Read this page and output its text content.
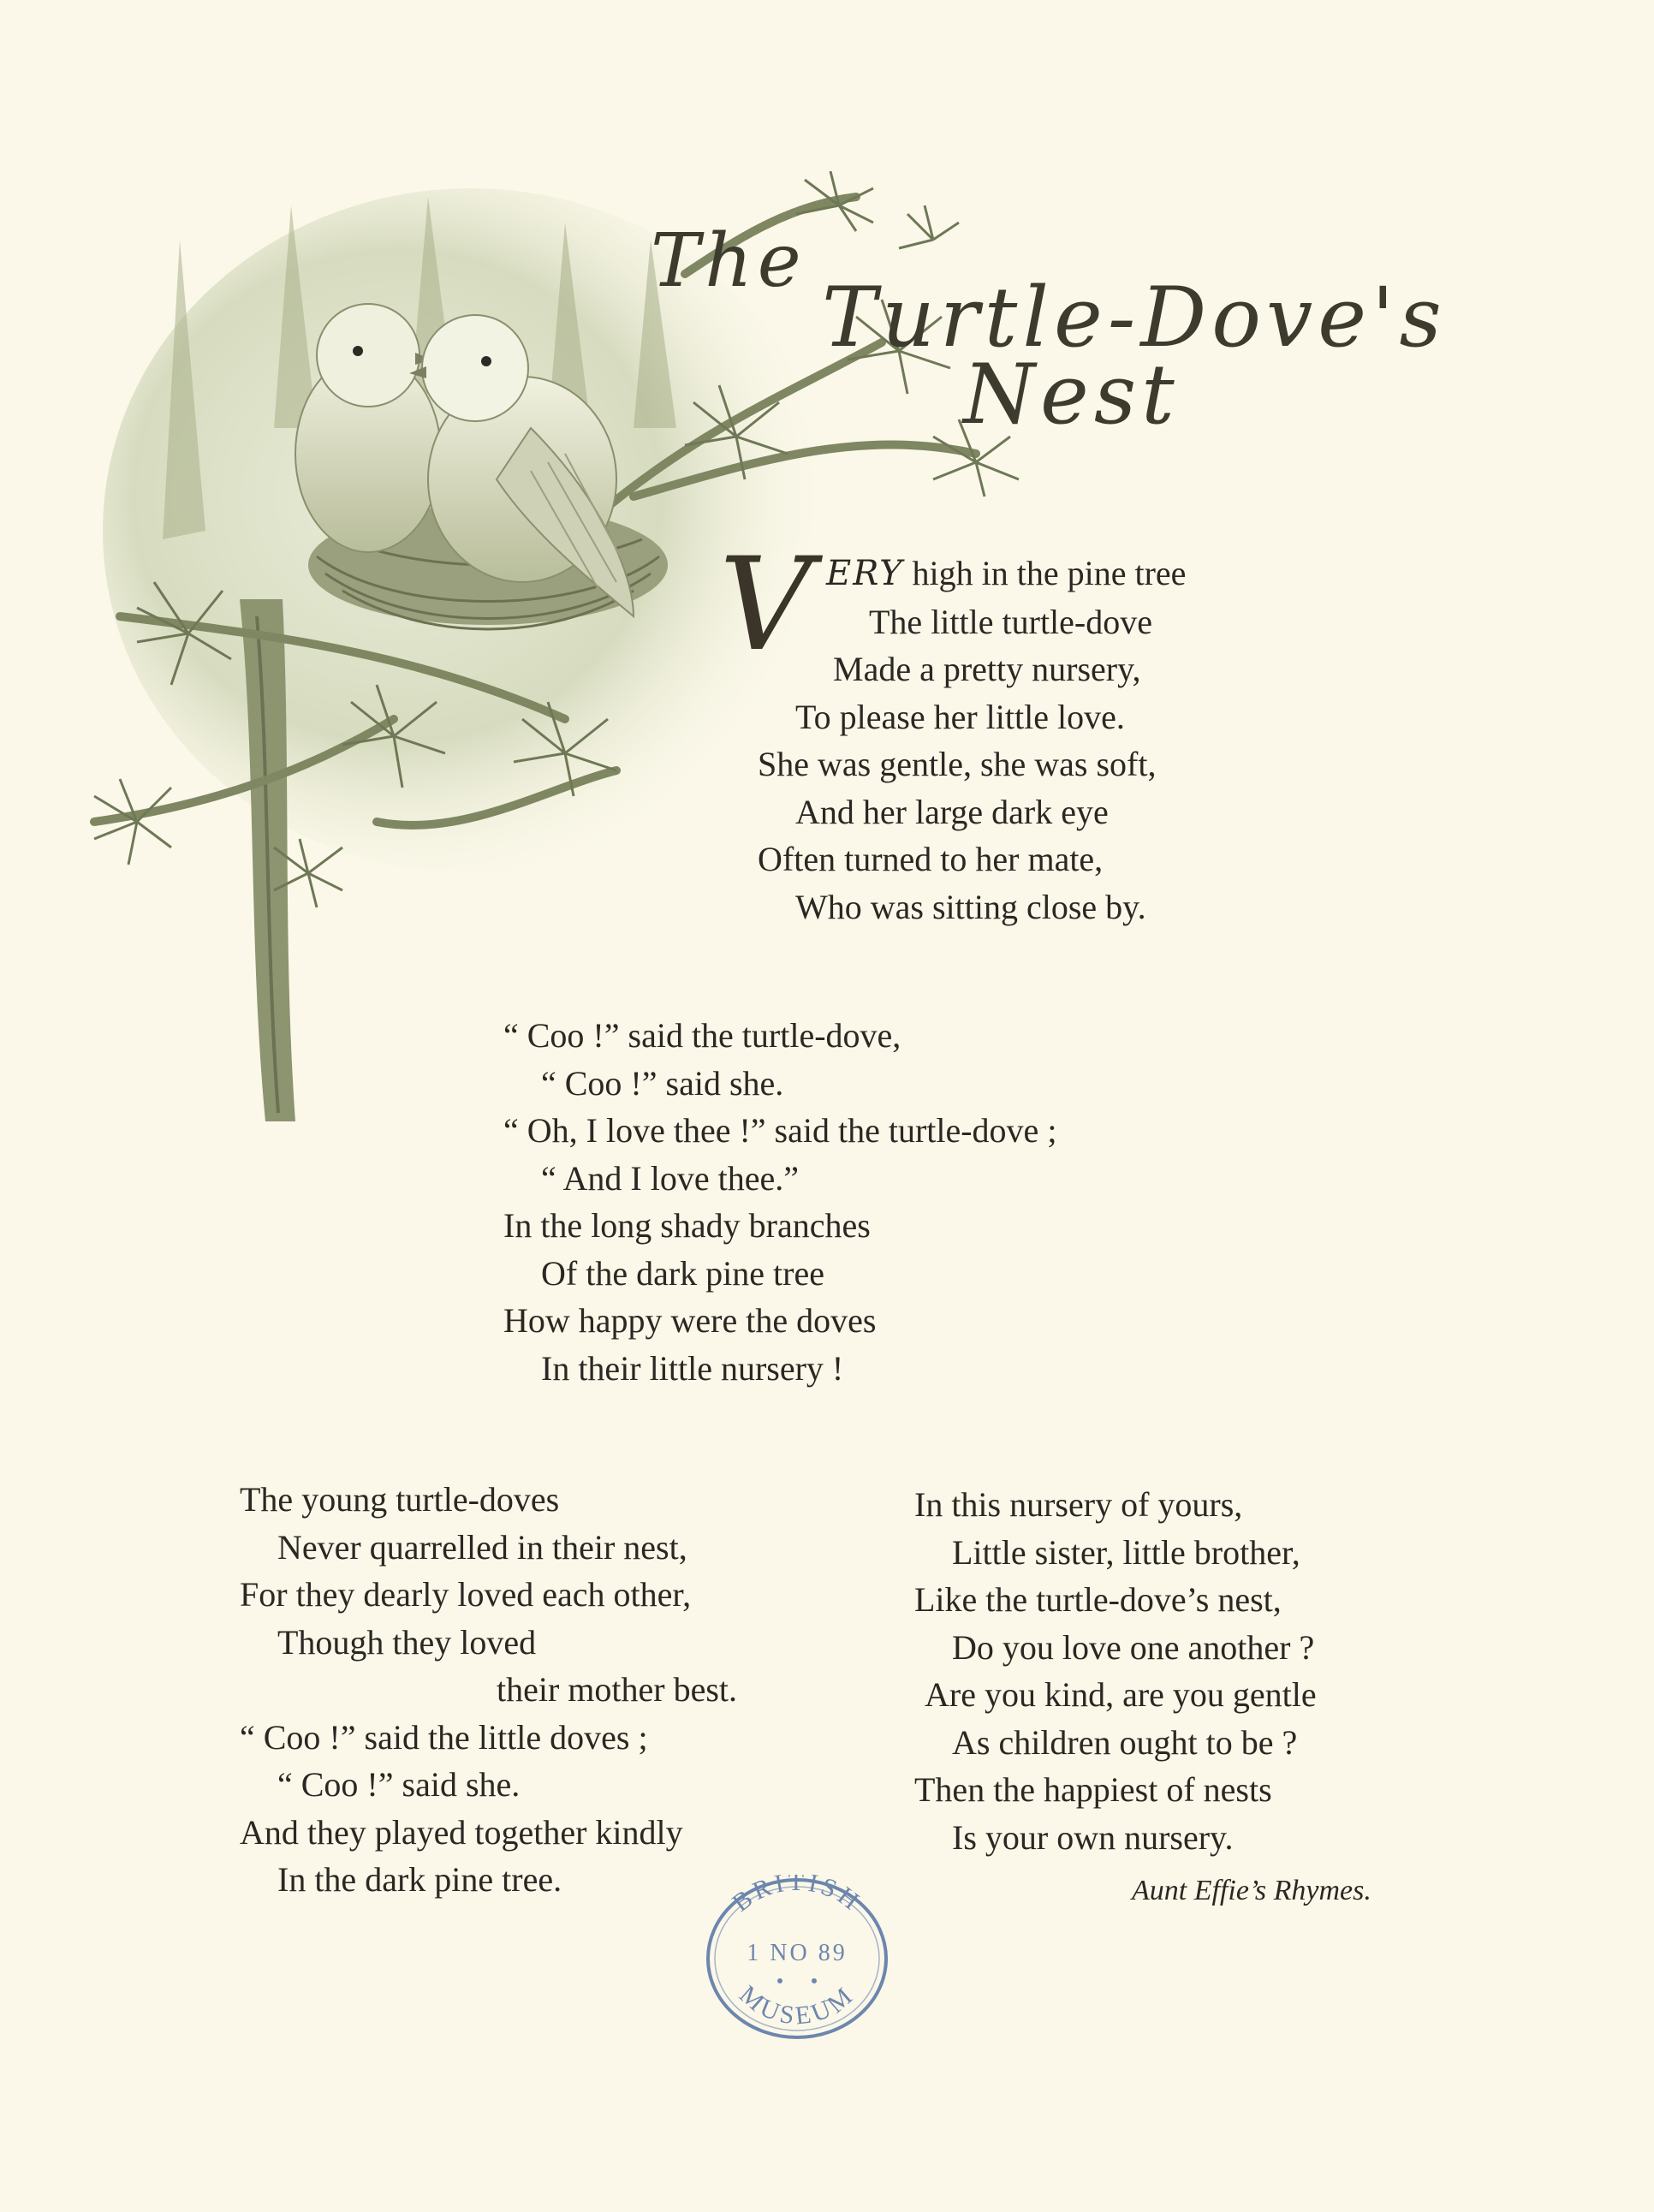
The
Turtle-Dove's
Nest
V ERY high in the pine tree
The little turtle-dove
Made a pretty nursery,
To please her little love.
She was gentle, she was soft,
And her large dark eye
Often turned to her mate,
Who was sitting close by.
“ Coo !” said the turtle-dove,
“ Coo !” said she.
“ Oh, I love thee !” said the turtle-dove ;
“ And I love thee.”
In the long shady branches
Of the dark pine tree
How happy were the doves
In their little nursery !
The young turtle-doves
Never quarrelled in their nest,
For they dearly loved each other,
Though they loved
their mother best.
“ Coo !” said the little doves ;
“ Coo !” said she.
And they played together kindly
In the dark pine tree.
In this nursery of yours,
Little sister, little brother,
Like the turtle-dove’s nest,
Do you love one another ?
Are you kind, are you gentle
As children ought to be ?
Then the happiest of nests
Is your own nursery.
Aunt Effie’s Rhymes.
BRITISH
MUSEUM
1 NO 89
